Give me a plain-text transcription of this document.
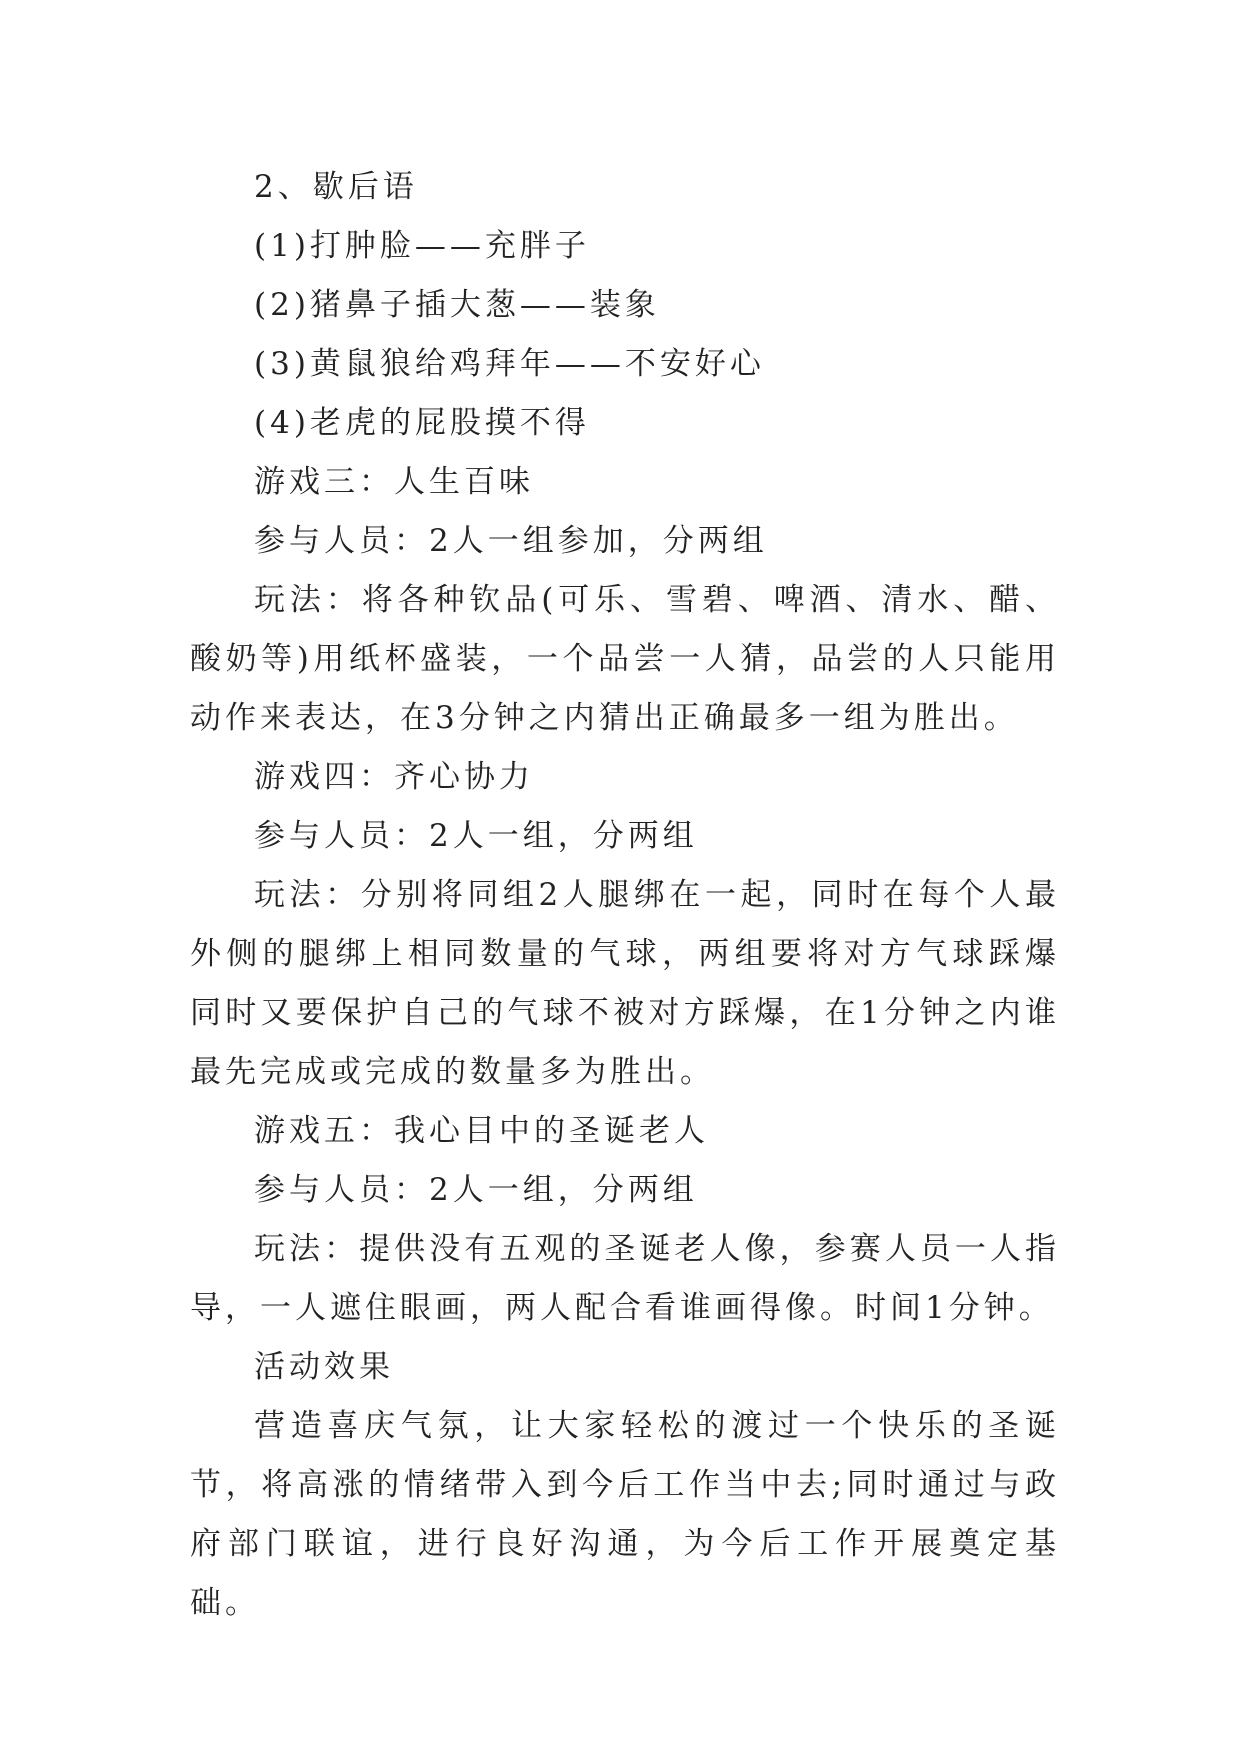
2、歇后语

(1)打肿脸——充胖子

(2)猪鼻子插大葱——装象

(3)黄鼠狼给鸡拜年——不安好心

(4)老虎的屁股摸不得

游戏三：人生百味

参与人员：2人一组参加，分两组

玩法：将各种钦品(可乐、雪碧、啤酒、清水、醋、酸奶等)用纸杯盛装，一个品尝一人猜，品尝的人只能用动作来表达，在3分钟之内猜出正确最多一组为胜出。

游戏四：齐心协力

参与人员：2人一组，分两组

玩法：分别将同组2人腿绑在一起，同时在每个人最外侧的腿绑上相同数量的气球，两组要将对方气球踩爆同时又要保护自己的气球不被对方踩爆，在1分钟之内谁最先完成或完成的数量多为胜出。

游戏五：我心目中的圣诞老人

参与人员：2人一组，分两组

玩法：提供没有五观的圣诞老人像，参赛人员一人指导，一人遮住眼画，两人配合看谁画得像。时间1分钟。

活动效果

营造喜庆气氛，让大家轻松的渡过一个快乐的圣诞节，将高涨的情绪带入到今后工作当中去;同时通过与政府部门联谊，进行良好沟通，为今后工作开展奠定基础。
